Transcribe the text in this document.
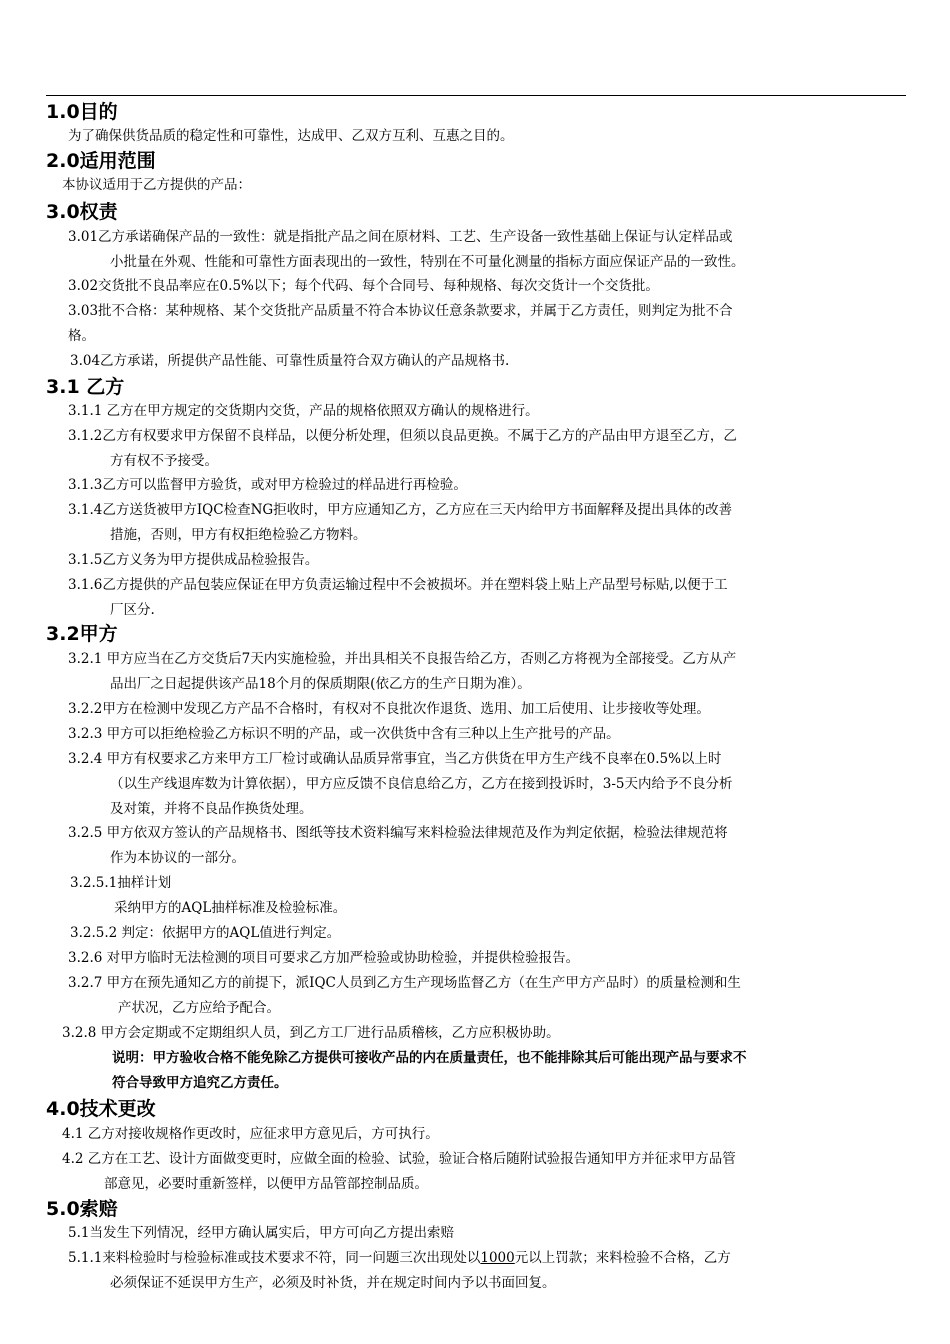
1.0目的
为了确保供货品质的稳定性和可靠性，达成甲、乙双方互利、互惠之目的。
2.0适用范围
本协议适用于乙方提供的产品：
3.0权责
3.01乙方承诺确保产品的一致性：就是指批产品之间在原材料、工艺、生产设备一致性基础上保证与认定样品或
小批量在外观、性能和可靠性方面表现出的一致性，特别在不可量化测量的指标方面应保证产品的一致性。
3.02交货批不良品率应在0.5%以下；每个代码、每个合同号、每种规格、每次交货计一个交货批。
3.03批不合格：某种规格、某个交货批产品质量不符合本协议任意条款要求，并属于乙方责任，则判定为批不合
格。
3.04乙方承诺，所提供产品性能、可靠性质量符合双方确认的产品规格书.
3.1 乙方
3.1.1 乙方在甲方规定的交货期内交货，产品的规格依照双方确认的规格进行。
3.1.2乙方有权要求甲方保留不良样品，以便分析处理，但须以良品更换。不属于乙方的产品由甲方退至乙方，乙
方有权不予接受。
3.1.3乙方可以监督甲方验货，或对甲方检验过的样品进行再检验。
3.1.4乙方送货被甲方IQC检查NG拒收时，甲方应通知乙方，乙方应在三天内给甲方书面解释及提出具体的改善
措施，否则，甲方有权拒绝检验乙方物料。
3.1.5乙方义务为甲方提供成品检验报告。
3.1.6乙方提供的产品包装应保证在甲方负责运输过程中不会被损坏。并在塑料袋上贴上产品型号标贴,以便于工
厂区分.
3.2甲方
3.2.1 甲方应当在乙方交货后7天内实施检验，并出具相关不良报告给乙方，否则乙方将视为全部接受。乙方从产
品出厂之日起提供该产品18个月的保质期限(依乙方的生产日期为准）。
3.2.2甲方在检测中发现乙方产品不合格时，有权对不良批次作退货、选用、加工后使用、让步接收等处理。
3.2.3 甲方可以拒绝检验乙方标识不明的产品，或一次供货中含有三种以上生产批号的产品。
3.2.4 甲方有权要求乙方来甲方工厂检讨或确认品质异常事宜，当乙方供货在甲方生产线不良率在0.5%以上时
（以生产线退库数为计算依据），甲方应反馈不良信息给乙方，乙方在接到投诉时，3-5天内给予不良分析
及对策，并将不良品作换货处理。
3.2.5 甲方依双方签认的产品规格书、图纸等技术资料编写来料检验法律规范及作为判定依据，检验法律规范将
作为本协议的一部分。
3.2.5.1抽样计划
采纳甲方的AQL抽样标准及检验标准。
3.2.5.2 判定：依据甲方的AQL值进行判定。
3.2.6 对甲方临时无法检测的项目可要求乙方加严检验或协助检验，并提供检验报告。
3.2.7 甲方在预先通知乙方的前提下，派IQC人员到乙方生产现场监督乙方（在生产甲方产品时）的质量检测和生
产状况，乙方应给予配合。
3.2.8 甲方会定期或不定期组织人员，到乙方工厂进行品质稽核，乙方应积极协助。
说明：甲方验收合格不能免除乙方提供可接收产品的内在质量责任，也不能排除其后可能出现产品与要求不
符合导致甲方追究乙方责任。
4.0技术更改
4.1 乙方对接收规格作更改时，应征求甲方意见后，方可执行。
4.2 乙方在工艺、设计方面做变更时，应做全面的检验、试验，验证合格后随附试验报告通知甲方并征求甲方品管
部意见，必要时重新签样，以便甲方品管部控制品质。
5.0索赔
5.1当发生下列情况，经甲方确认属实后，甲方可向乙方提出索赔
5.1.1来料检验时与检验标准或技术要求不符，同一问题三次出现处以1000元以上罚款；来料检验不合格，乙方
必须保证不延误甲方生产，必须及时补货，并在规定时间内予以书面回复。
